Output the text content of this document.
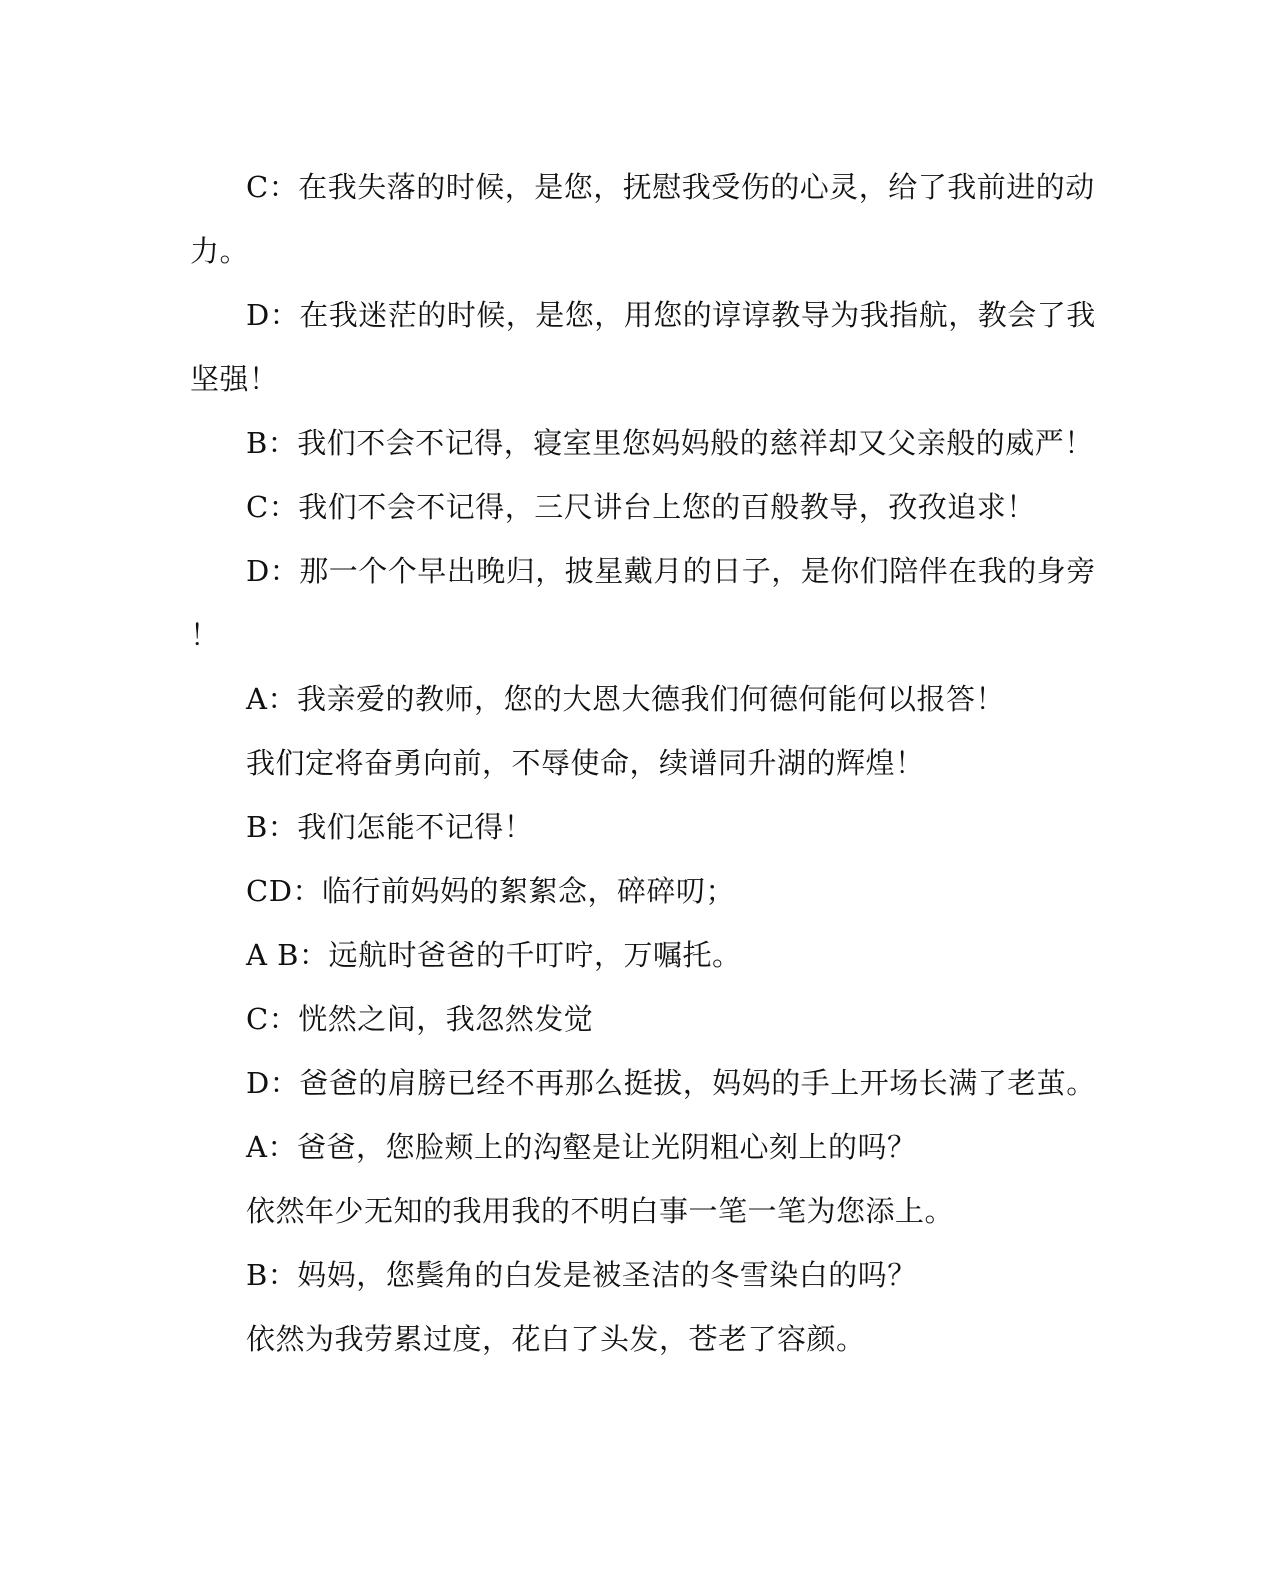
C：在我失落的时候，是您，抚慰我受伤的心灵，给了我前进的动
力。
D：在我迷茫的时候，是您，用您的谆谆教导为我指航，教会了我
坚强！
B：我们不会不记得，寝室里您妈妈般的慈祥却又父亲般的威严！
C：我们不会不记得，三尺讲台上您的百般教导，孜孜追求！
D：那一个个早出晚归，披星戴月的日子，是你们陪伴在我的身旁
！
A：我亲爱的教师，您的大恩大德我们何德何能何以报答！
我们定将奋勇向前，不辱使命，续谱同升湖的辉煌！
B：我们怎能不记得！
CD：临行前妈妈的絮絮念，碎碎叨；
A B：远航时爸爸的千叮咛，万嘱托。
C：恍然之间，我忽然发觉
D：爸爸的肩膀已经不再那么挺拔，妈妈的手上开场长满了老茧。
A：爸爸，您脸颊上的沟壑是让光阴粗心刻上的吗？
依然年少无知的我用我的不明白事一笔一笔为您添上。
B：妈妈，您鬓角的白发是被圣洁的冬雪染白的吗？
依然为我劳累过度，花白了头发，苍老了容颜。
